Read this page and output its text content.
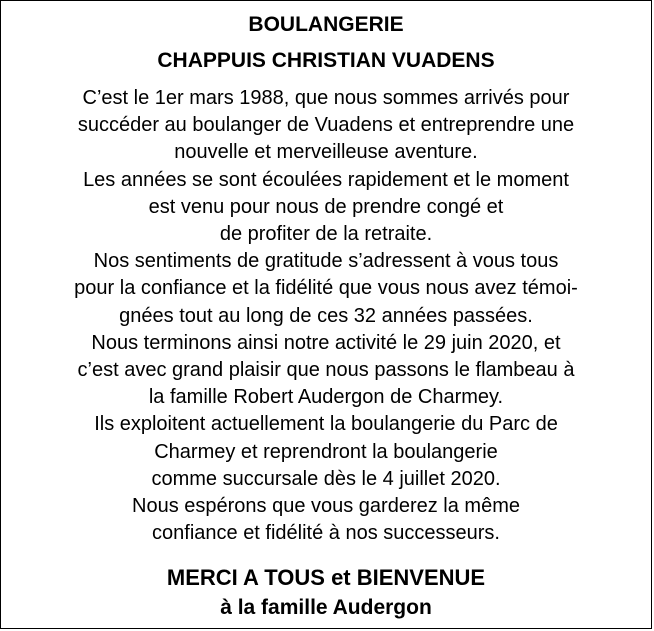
BOULANGERIE
CHAPPUIS CHRISTIAN VUADENS
C’est le 1er mars 1988, que nous sommes arrivés pour
succéder au boulanger de Vuadens et entreprendre une
nouvelle et merveilleuse aventure.
Les années se sont écoulées rapidement et le moment
est venu pour nous de prendre congé et
de profiter de la retraite.
Nos sentiments de gratitude s’adressent à vous tous
pour la confiance et la fidélité que vous nous avez témoi-
gnées tout au long de ces 32 années passées.
Nous terminons ainsi notre activité le 29 juin 2020, et
c’est avec grand plaisir que nous passons le flambeau à
la famille Robert Audergon de Charmey.
Ils exploitent actuellement la boulangerie du Parc de
Charmey et reprendront la boulangerie
comme succursale dès le 4 juillet 2020.
Nous espérons que vous garderez la même
confiance et fidélité à nos successeurs.
MERCI A TOUS et BIENVENUE
à la famille Audergon
